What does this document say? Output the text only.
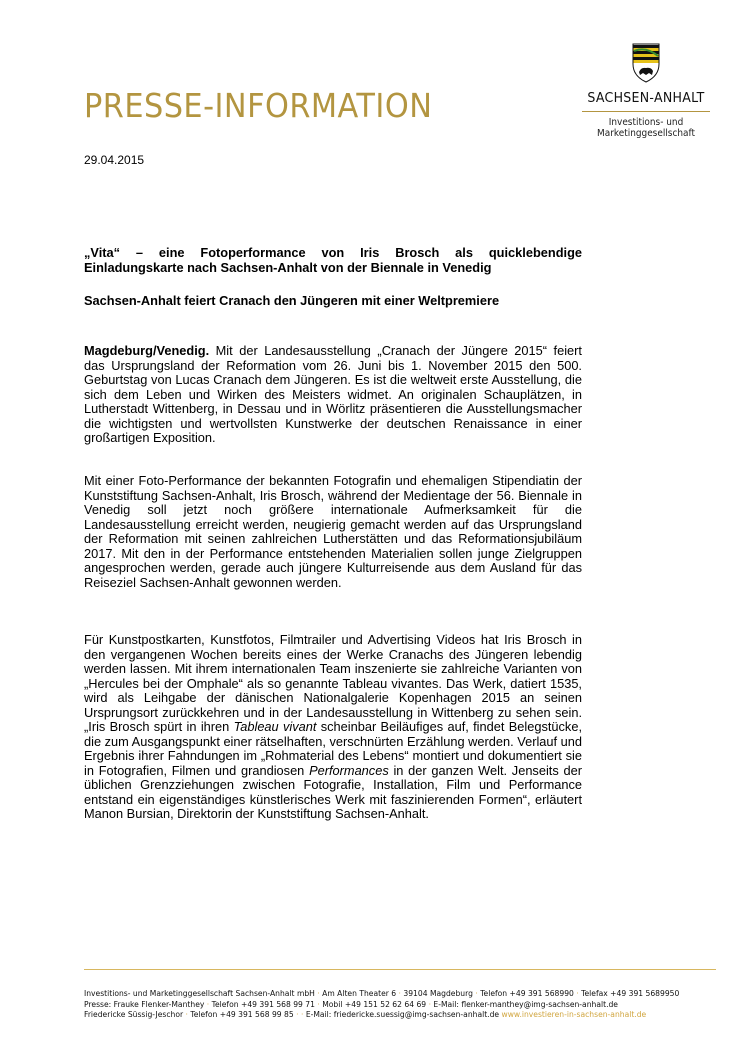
PRESSE-INFORMATION	SACHSEN-ANHALT
Investitions- und
Marketinggesellschaft
29.04.2015

„Vita“ – eine Fotoperformance von Iris Brosch als quicklebendige Einladungskarte nach Sachsen-Anhalt von der Biennale in Venedig

Sachsen-Anhalt feiert Cranach den Jüngeren mit einer Weltpremiere

Magdeburg/Venedig. Mit der Landesausstellung „Cranach der Jüngere 2015“ feiert das Ursprungsland der Reformation vom 26. Juni bis 1. November 2015 den 500. Geburtstag von Lucas Cranach dem Jüngeren. Es ist die weltweit erste Ausstellung, die sich dem Leben und Wirken des Meisters widmet. An originalen Schauplätzen, in Lutherstadt Wittenberg, in Dessau und in Wörlitz präsentieren die Ausstellungsmacher die wichtigsten und wertvollsten Kunstwerke der deutschen Renaissance in einer großartigen Exposition.

Mit einer Foto-Performance der bekannten Fotografin und ehemaligen Stipendiatin der Kunststiftung Sachsen-Anhalt, Iris Brosch, während der Medientage der 56. Biennale in Venedig soll jetzt noch größere internationale Aufmerksamkeit für die Landesausstellung erreicht werden, neugierig gemacht werden auf das Ursprungsland der Reformation mit seinen zahlreichen Lutherstätten und das Reformationsjubiläum 2017. Mit den in der Performance entstehenden Materialien sollen junge Zielgruppen angesprochen werden, gerade auch jüngere Kulturreisende aus dem Ausland für das Reiseziel Sachsen-Anhalt gewonnen werden.

Für Kunstpostkarten, Kunstfotos, Filmtrailer und Advertising Videos hat Iris Brosch in den vergangenen Wochen bereits eines der Werke Cranachs des Jüngeren lebendig werden lassen. Mit ihrem internationalen Team inszenierte sie zahlreiche Varianten von „Hercules bei der Omphale“ als so genannte Tableau vivantes. Das Werk, datiert 1535, wird als Leihgabe der dänischen Nationalgalerie Kopenhagen 2015 an seinen Ursprungsort zurückkehren und in der Landesausstellung in Wittenberg zu sehen sein. „Iris Brosch spürt in ihren Tableau vivant scheinbar Beiläufiges auf, findet Belegstücke, die zum Ausgangspunkt einer rätselhaften, verschnürten Erzählung werden. Verlauf und Ergebnis ihrer Fahndungen im „Rohmaterial des Lebens“ montiert und dokumentiert sie in Fotografien, Filmen und grandiosen Performances in der ganzen Welt. Jenseits der üblichen Grenzziehungen zwischen Fotografie, Installation, Film und Performance entstand ein eigenständiges künstlerisches Werk mit faszinierenden Formen“, erläutert Manon Bursian, Direktorin der Kunststiftung Sachsen-Anhalt.

Investitions- und Marketinggesellschaft Sachsen-Anhalt mbH · Am Alten Theater 6 · 39104 Magdeburg · Telefon +49 391 568990 · Telefax +49 391 5689950
Presse: Frauke Flenker-Manthey · Telefon +49 391 568 99 71 · Mobil +49 151 52 62 64 69 · E-Mail: flenker-manthey@img-sachsen-anhalt.de
Friedericke Süssig-Jeschor · Telefon +49 391 568 99 85 · · E-Mail: friedericke.suessig@img-sachsen-anhalt.de www.investieren-in-sachsen-anhalt.de
